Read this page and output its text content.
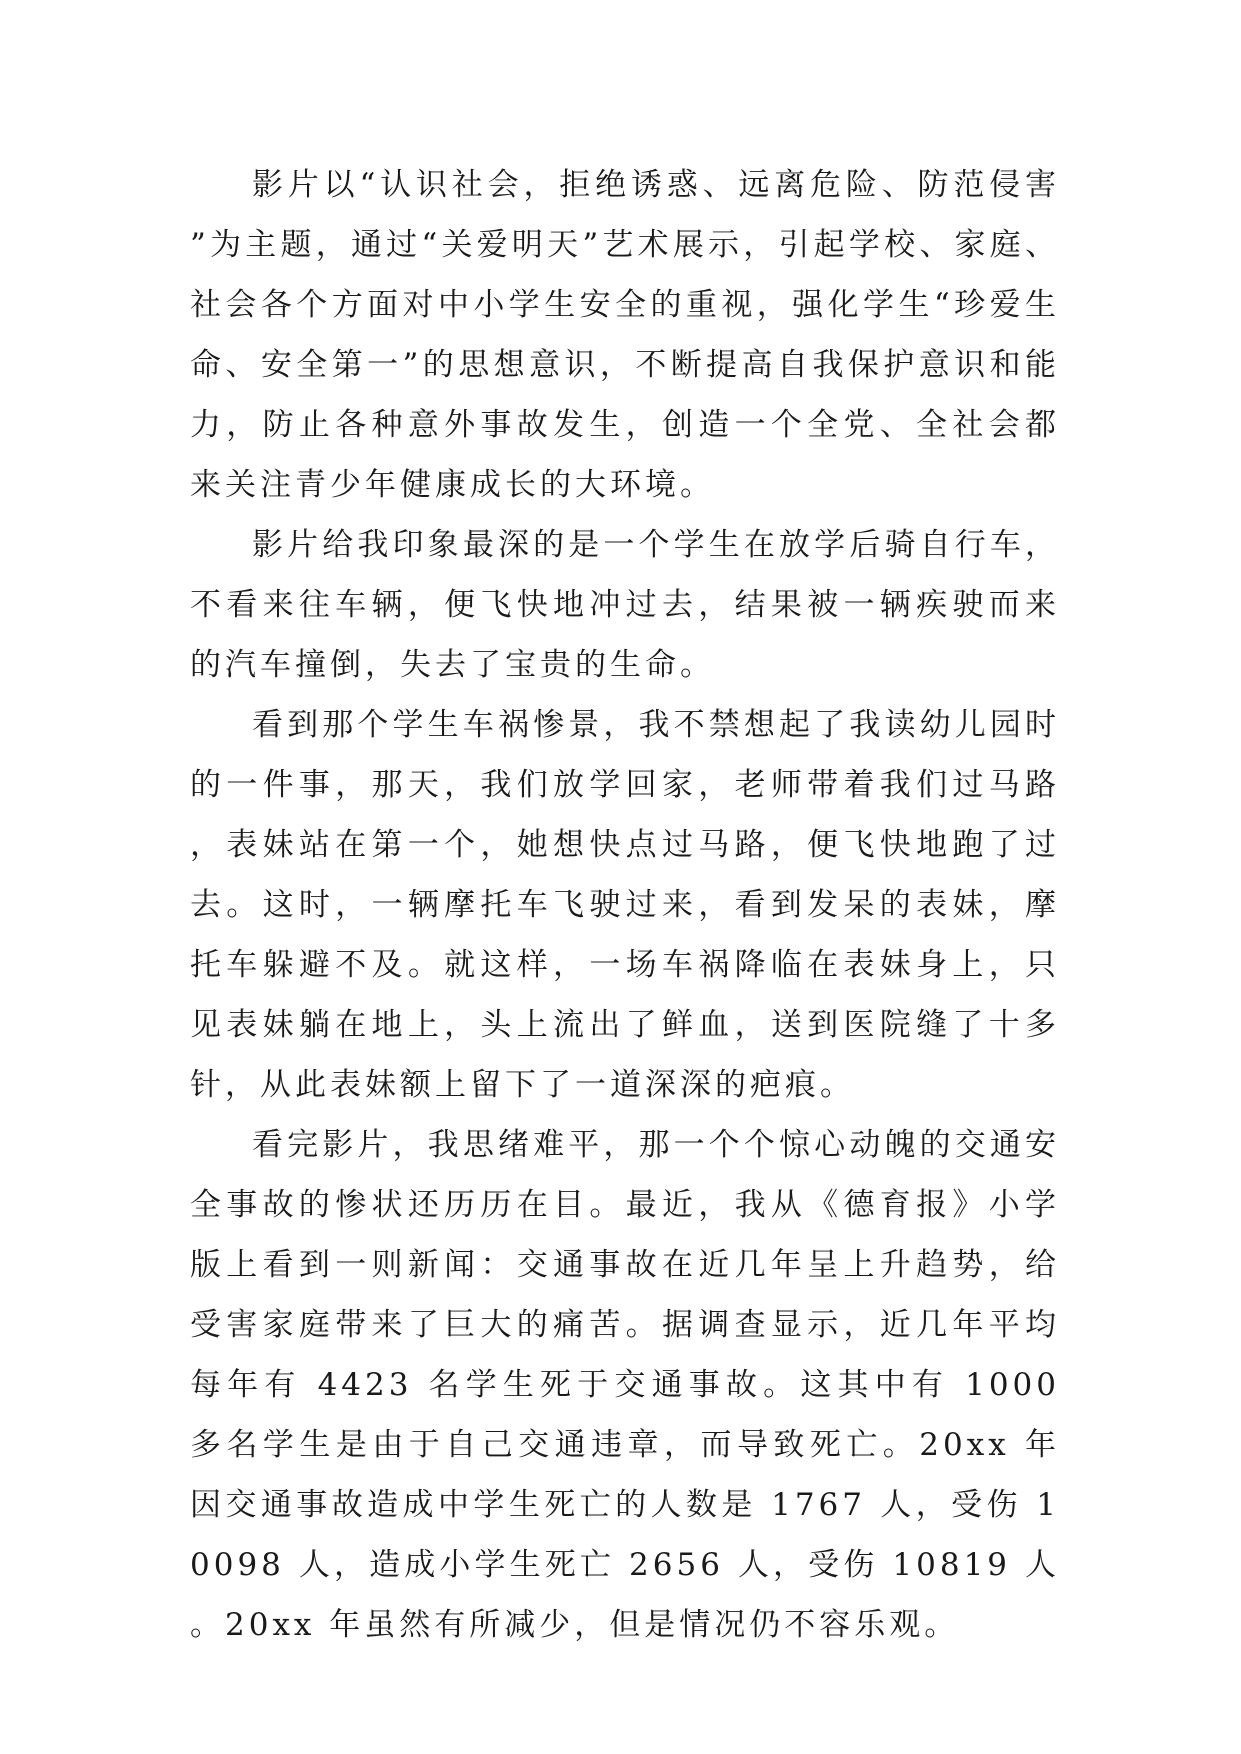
影片以“认识社会，拒绝诱惑、远离危险、防范侵害”为主题，通过“关爱明天”艺术展示，引起学校、家庭、社会各个方面对中小学生安全的重视，强化学生“珍爱生命、安全第一”的思想意识，不断提高自我保护意识和能力，防止各种意外事故发生，创造一个全党、全社会都来关注青少年健康成长的大环境。

影片给我印象最深的是一个学生在放学后骑自行车，不看来往车辆，便飞快地冲过去，结果被一辆疾驶而来的汽车撞倒，失去了宝贵的生命。

看到那个学生车祸惨景，我不禁想起了我读幼儿园时的一件事，那天，我们放学回家，老师带着我们过马路，表妹站在第一个，她想快点过马路，便飞快地跑了过去。这时，一辆摩托车飞驶过来，看到发呆的表妹，摩托车躲避不及。就这样，一场车祸降临在表妹身上，只见表妹躺在地上，头上流出了鲜血，送到医院缝了十多针，从此表妹额上留下了一道深深的疤痕。

看完影片，我思绪难平，那一个个惊心动魄的交通安全事故的惨状还历历在目。最近，我从《德育报》小学版上看到一则新闻：交通事故在近几年呈上升趋势，给受害家庭带来了巨大的痛苦。据调查显示，近几年平均每年有 4423 名学生死于交通事故。这其中有 1000 多名学生是由于自己交通违章，而导致死亡。20xx 年因交通事故造成中学生死亡的人数是 1767 人，受伤 10098 人，造成小学生死亡 2656 人，受伤 10819 人。20xx 年虽然有所减少，但是情况仍不容乐观。
